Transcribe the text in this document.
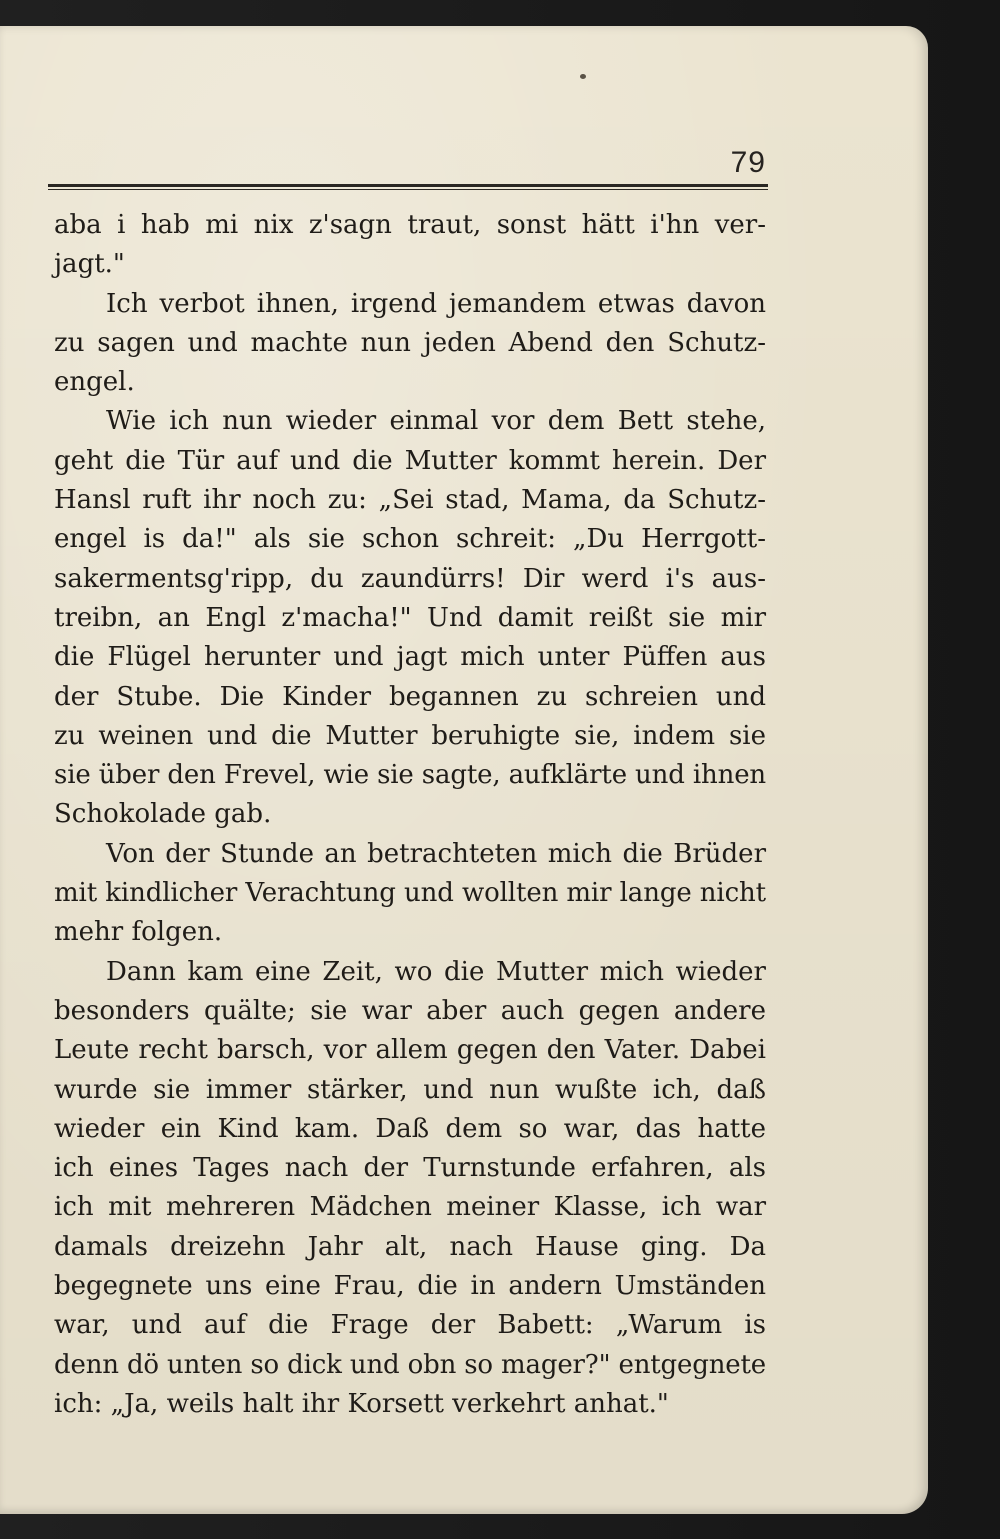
79
aba i hab mi nix z'sagn traut, sonst hätt i'hn ver-
jagt."
Ich verbot ihnen, irgend jemandem etwas davon
zu sagen und machte nun jeden Abend den Schutz-
engel.
Wie ich nun wieder einmal vor dem Bett stehe,
geht die Tür auf und die Mutter kommt herein. Der
Hansl ruft ihr noch zu: „Sei stad, Mama, da Schutz-
engel is da!" als sie schon schreit: „Du Herrgott-
sakermentsg'ripp, du zaundürrs! Dir werd i's aus-
treibn, an Engl z'macha!" Und damit reißt sie mir
die Flügel herunter und jagt mich unter Püffen aus
der Stube. Die Kinder begannen zu schreien und
zu weinen und die Mutter beruhigte sie, indem sie
sie über den Frevel, wie sie sagte, aufklärte und ihnen
Schokolade gab.
Von der Stunde an betrachteten mich die Brüder
mit kindlicher Verachtung und wollten mir lange nicht
mehr folgen.
Dann kam eine Zeit, wo die Mutter mich wieder
besonders quälte; sie war aber auch gegen andere
Leute recht barsch, vor allem gegen den Vater. Dabei
wurde sie immer stärker, und nun wußte ich, daß
wieder ein Kind kam. Daß dem so war, das hatte
ich eines Tages nach der Turnstunde erfahren, als
ich mit mehreren Mädchen meiner Klasse, ich war
damals dreizehn Jahr alt, nach Hause ging. Da
begegnete uns eine Frau, die in andern Umständen
war, und auf die Frage der Babett: „Warum is
denn dö unten so dick und obn so mager?" entgegnete
ich: „Ja, weils halt ihr Korsett verkehrt anhat."
